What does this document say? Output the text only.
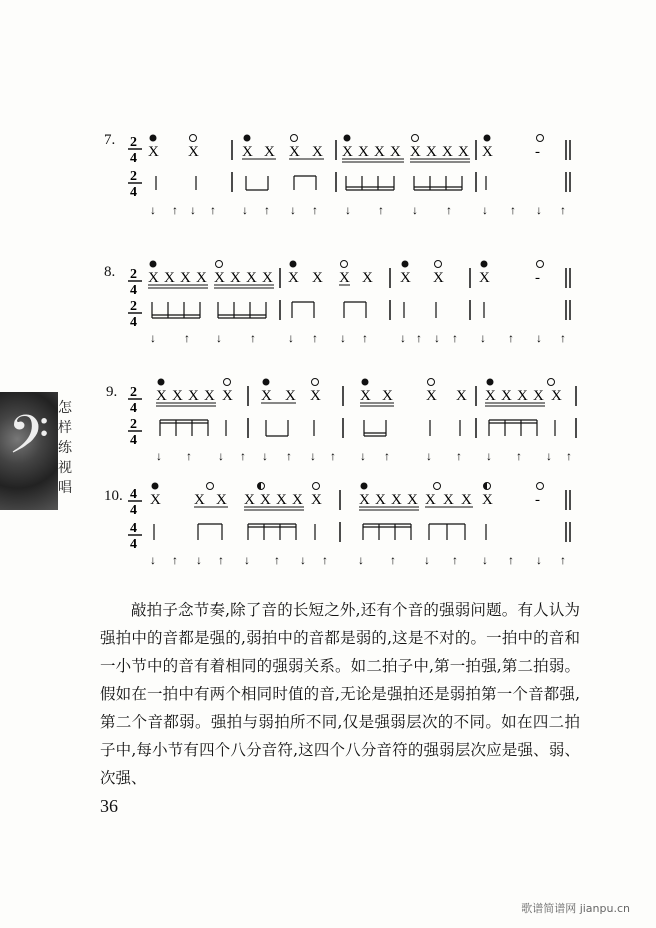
7. 2
4
2
4
X X	X X X X X X X X X X X X X	-
↓ ↑ ↓ ↑ ↓ ↑ ↓ ↑ ↓ ↑ ↓ ↑	↓ ↑ ↓ ↑
8. 2
4
2
4
X X X X X X X X X X X X X X X	-
↓ ↑ ↓ ↑	↓ ↑ ↓ ↑	↓ ↑ ↓ ↑ ↓ ↑ ↓ ↑
9. 2
4
2
4
X X X X X X X X	X X X X X X X X X
↓ ↑ ↓ ↑ ↓ ↑ ↓ ↑ ↓ ↑	↓ ↑ ↓ ↑ ↓ ↑
10. 4
4
4
4
X X X X X X X X X X X X X X X X	-
↓ ↑ ↓ ↑ ↓ ↑ ↓ ↑	↓ ↑ ↓ ↑ ↓ ↑ ↓ ↑
𝄢 怎
样
练
视
唱

敲拍子念节奏,除了音的长短之外,还有个音的强弱问题。有人认为强拍中的音都是强的,弱拍中的音都是弱的,这是不对的。一拍中的音和一小节中的音有着相同的强弱关系。如二拍子中,第一拍强,第二拍弱。假如在一拍中有两个相同时值的音,无论是强拍还是弱拍第一个音都强,第二个音都弱。强拍与弱拍所不同,仅是强弱层次的不同。如在四二拍子中,每小节有四个八分音符,这四个八分音符的强弱层次应是强、弱、次强、

36
歌谱简谱网 jianpu.cn
